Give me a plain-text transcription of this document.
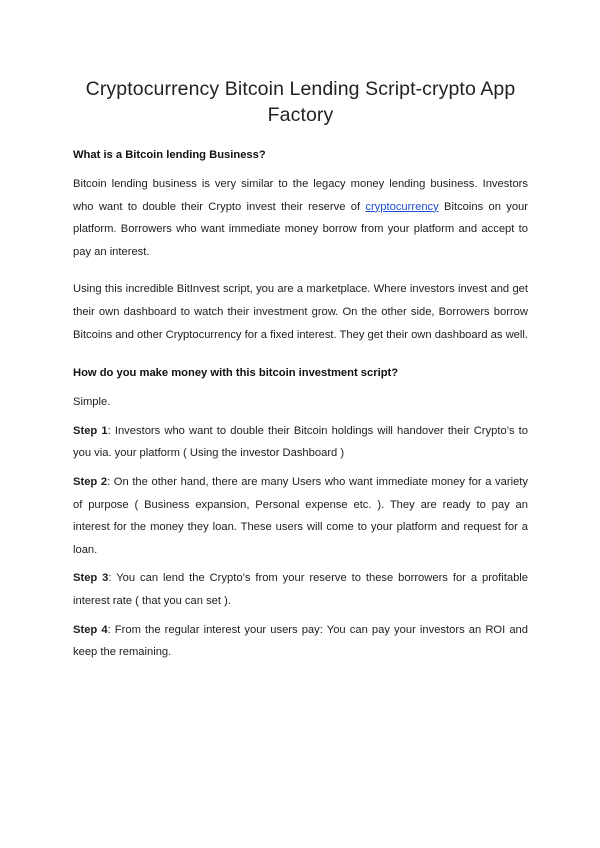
Cryptocurrency Bitcoin Lending Script-crypto App Factory

What is a Bitcoin lending Business?

Bitcoin lending business is very similar to the legacy money lending business. Investors who want to double their Crypto invest their reserve of cryptocurrency Bitcoins on your platform. Borrowers who want immediate money borrow from your platform and accept to pay an interest.

Using this incredible BitInvest script, you are a marketplace. Where investors invest and get their own dashboard to watch their investment grow. On the other side, Borrowers borrow Bitcoins and other Cryptocurrency for a fixed interest. They get their own dashboard as well.

How do you make money with this bitcoin investment script?

Simple.

Step 1: Investors who want to double their Bitcoin holdings will handover their Crypto’s to you via. your platform ( Using the investor Dashboard )

Step 2: On the other hand, there are many Users who want immediate money for a variety of purpose ( Business expansion, Personal expense etc. ). They are ready to pay an interest for the money they loan. These users will come to your platform and request for a loan.

Step 3: You can lend the Crypto’s from your reserve to these borrowers for a profitable interest rate ( that you can set ).

Step 4: From the regular interest your users pay: You can pay your investors an ROI and keep the remaining.
